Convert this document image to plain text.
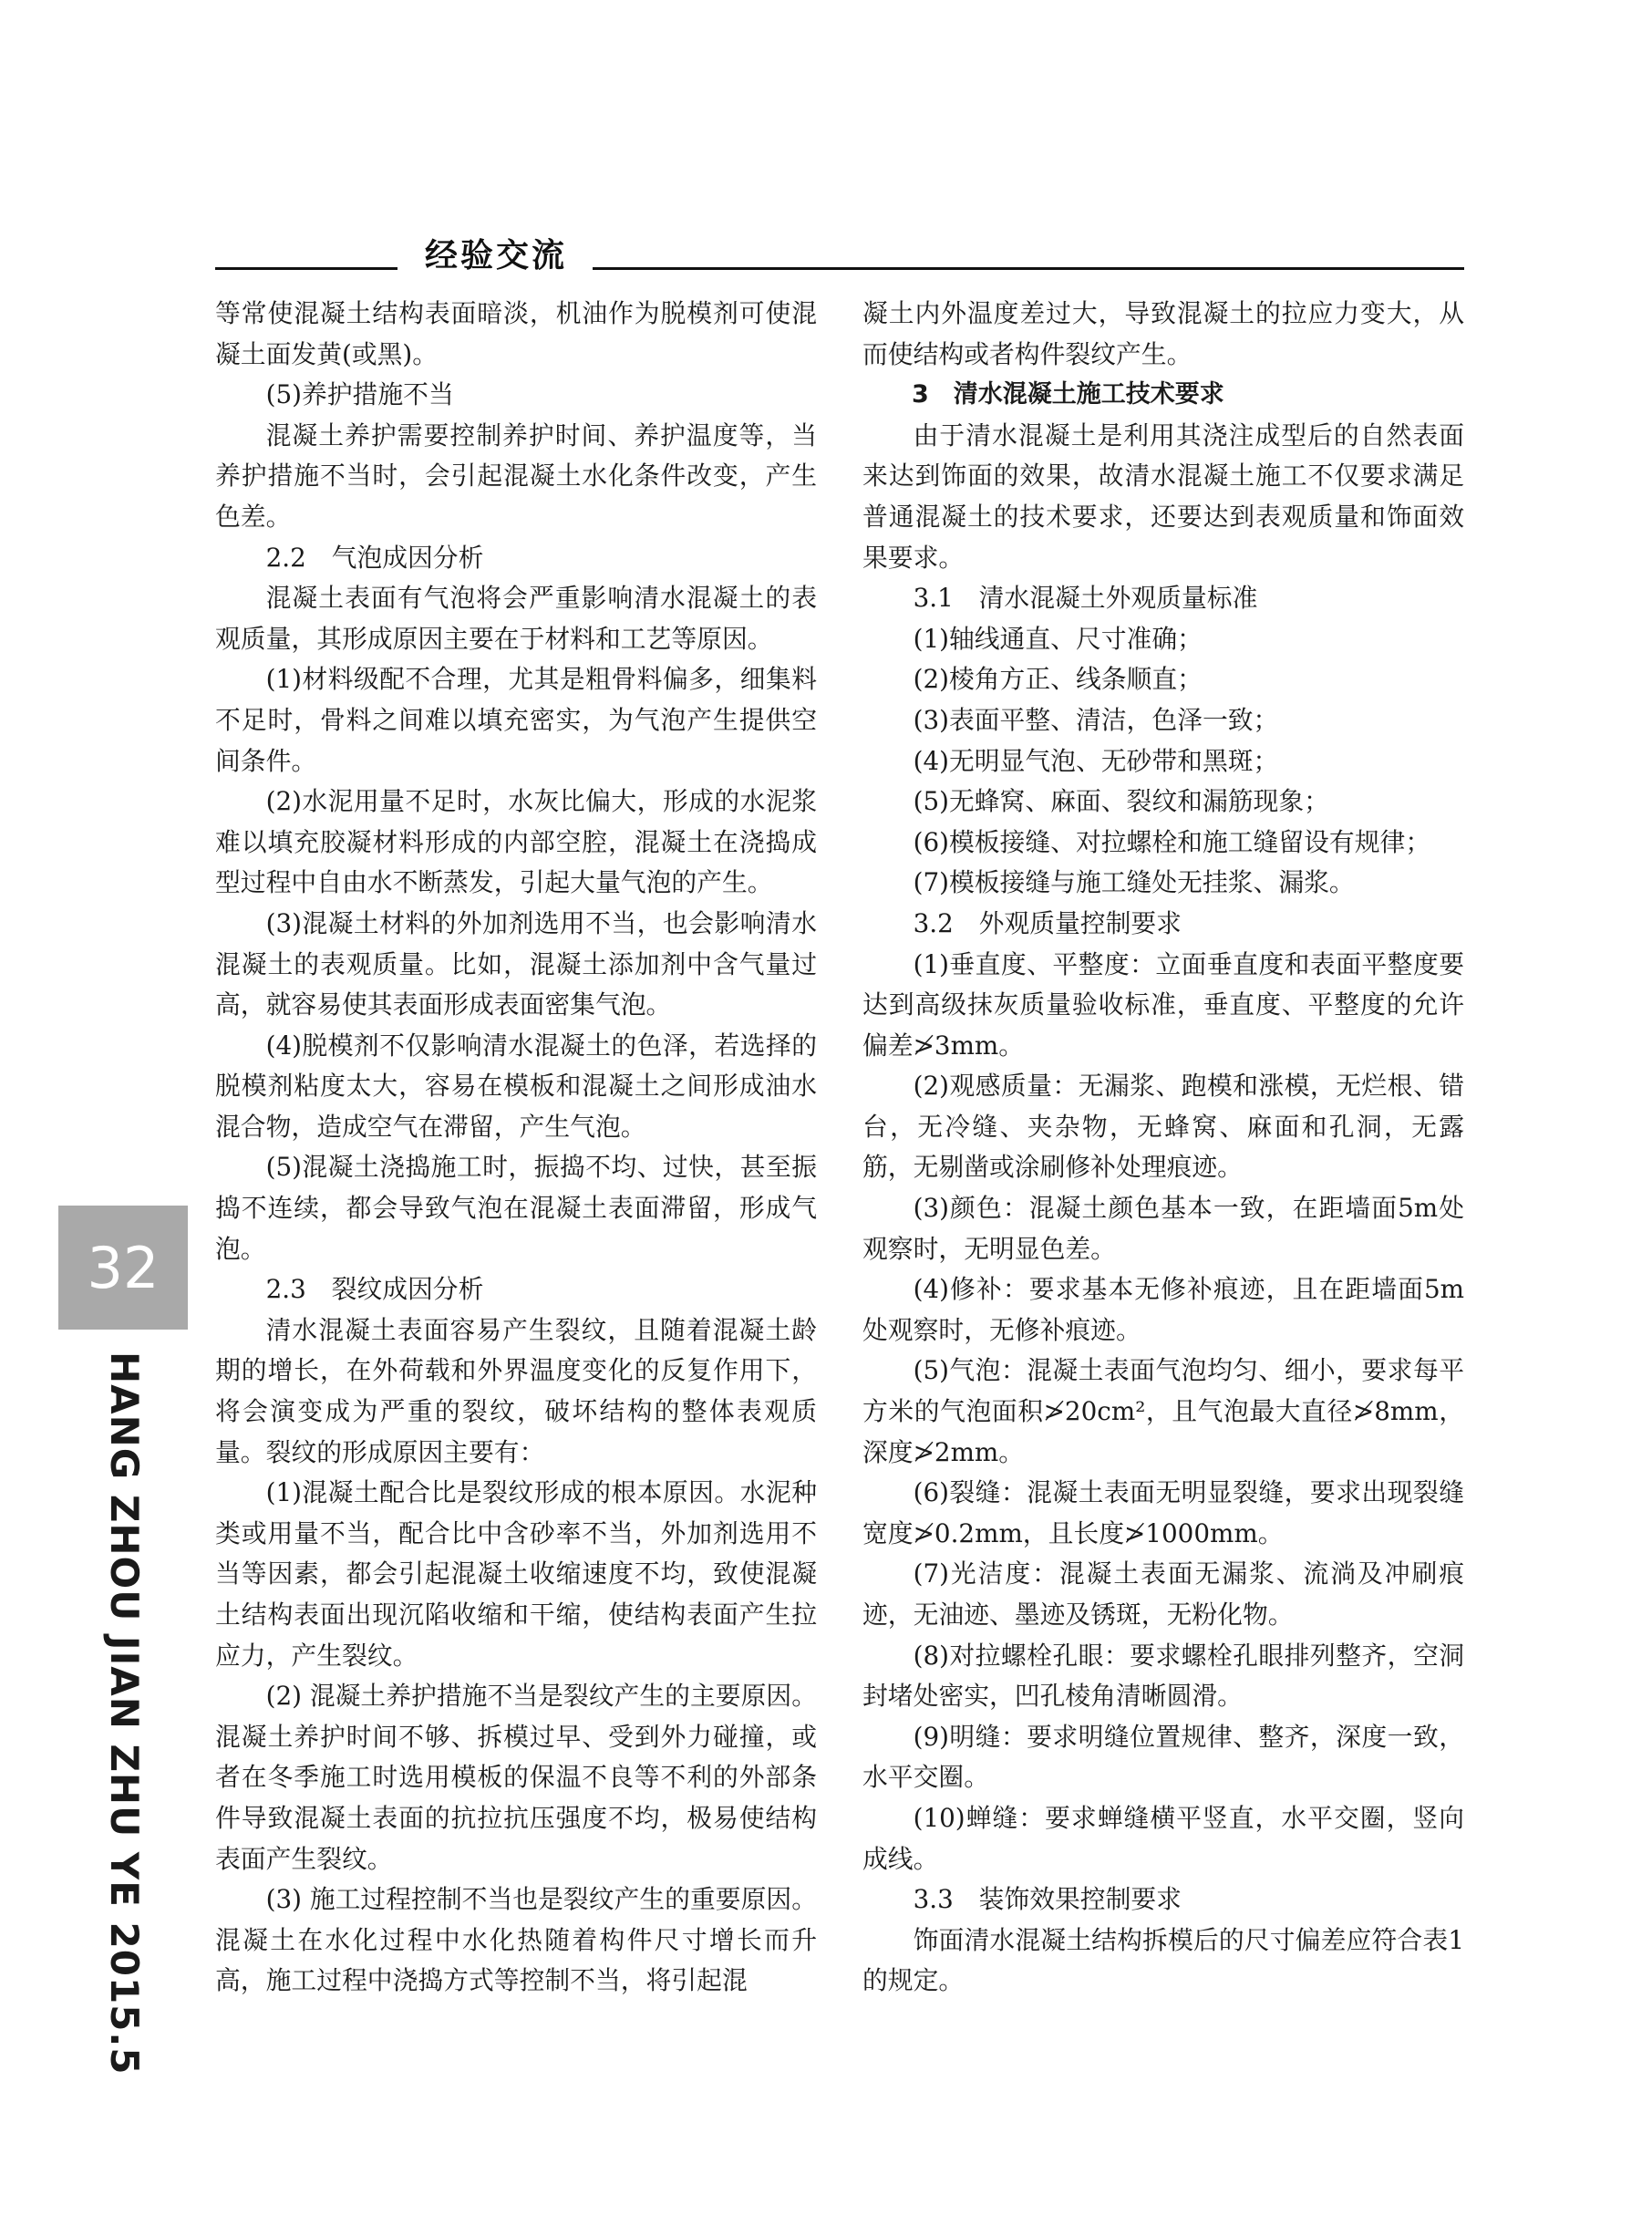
经验交流
32
HANG ZHOU JIAN ZHU YE 2015.5

等常使混凝土结构表面暗淡，机油作为脱模剂可使混凝土面发黄(或黑)。

(5)养护措施不当

混凝土养护需要控制养护时间、养护温度等，当养护措施不当时，会引起混凝土水化条件改变，产生色差。

2.2　气泡成因分析

混凝土表面有气泡将会严重影响清水混凝土的表观质量，其形成原因主要在于材料和工艺等原因。

(1)材料级配不合理，尤其是粗骨料偏多，细集料不足时，骨料之间难以填充密实，为气泡产生提供空间条件。

(2)水泥用量不足时，水灰比偏大，形成的水泥浆难以填充胶凝材料形成的内部空腔，混凝土在浇捣成型过程中自由水不断蒸发，引起大量气泡的产生。

(3)混凝土材料的外加剂选用不当，也会影响清水混凝土的表观质量。比如，混凝土添加剂中含气量过高，就容易使其表面形成表面密集气泡。

(4)脱模剂不仅影响清水混凝土的色泽，若选择的脱模剂粘度太大，容易在模板和混凝土之间形成油水混合物，造成空气在滞留，产生气泡。

(5)混凝土浇捣施工时，振捣不均、过快，甚至振捣不连续，都会导致气泡在混凝土表面滞留，形成气泡。

2.3　裂纹成因分析

清水混凝土表面容易产生裂纹，且随着混凝土龄期的增长，在外荷载和外界温度变化的反复作用下，将会演变成为严重的裂纹，破坏结构的整体表观质量。裂纹的形成原因主要有：

(1)混凝土配合比是裂纹形成的根本原因。水泥种类或用量不当，配合比中含砂率不当，外加剂选用不当等因素，都会引起混凝土收缩速度不均，致使混凝土结构表面出现沉陷收缩和干缩，使结构表面产生拉应力，产生裂纹。

(2) 混凝土养护措施不当是裂纹产生的主要原因。混凝土养护时间不够、拆模过早、受到外力碰撞，或者在冬季施工时选用模板的保温不良等不利的外部条件导致混凝土表面的抗拉抗压强度不均，极易使结构表面产生裂纹。

(3) 施工过程控制不当也是裂纹产生的重要原因。混凝土在水化过程中水化热随着构件尺寸增长而升高，施工过程中浇捣方式等控制不当，将引起混

凝土内外温度差过大，导致混凝土的拉应力变大，从而使结构或者构件裂纹产生。

3　清水混凝土施工技术要求

由于清水混凝土是利用其浇注成型后的自然表面来达到饰面的效果，故清水混凝土施工不仅要求满足普通混凝土的技术要求，还要达到表观质量和饰面效果要求。

3.1　清水混凝土外观质量标准

(1)轴线通直、尺寸准确；

(2)棱角方正、线条顺直；

(3)表面平整、清洁，色泽一致；

(4)无明显气泡、无砂带和黑斑；

(5)无蜂窝、麻面、裂纹和漏筋现象；

(6)模板接缝、对拉螺栓和施工缝留设有规律；

(7)模板接缝与施工缝处无挂浆、漏浆。

3.2　外观质量控制要求

(1)垂直度、平整度：立面垂直度和表面平整度要达到高级抹灰质量验收标准，垂直度、平整度的允许偏差≯3mm。

(2)观感质量：无漏浆、跑模和涨模，无烂根、错台，无冷缝、夹杂物，无蜂窝、麻面和孔洞，无露筋，无剔凿或涂刷修补处理痕迹。

(3)颜色：混凝土颜色基本一致，在距墙面5m处观察时，无明显色差。

(4)修补：要求基本无修补痕迹，且在距墙面5m处观察时，无修补痕迹。

(5)气泡：混凝土表面气泡均匀、细小，要求每平方米的气泡面积≯20cm²，且气泡最大直径≯8mm，深度≯2mm。

(6)裂缝：混凝土表面无明显裂缝，要求出现裂缝宽度≯0.2mm，且长度≯1000mm。

(7)光洁度：混凝土表面无漏浆、流淌及冲刷痕迹，无油迹、墨迹及锈斑，无粉化物。

(8)对拉螺栓孔眼：要求螺栓孔眼排列整齐，空洞封堵处密实，凹孔棱角清晰圆滑。

(9)明缝：要求明缝位置规律、整齐，深度一致，水平交圈。

(10)蝉缝：要求蝉缝横平竖直，水平交圈，竖向成线。

3.3　装饰效果控制要求

饰面清水混凝土结构拆模后的尺寸偏差应符合表1的规定。
